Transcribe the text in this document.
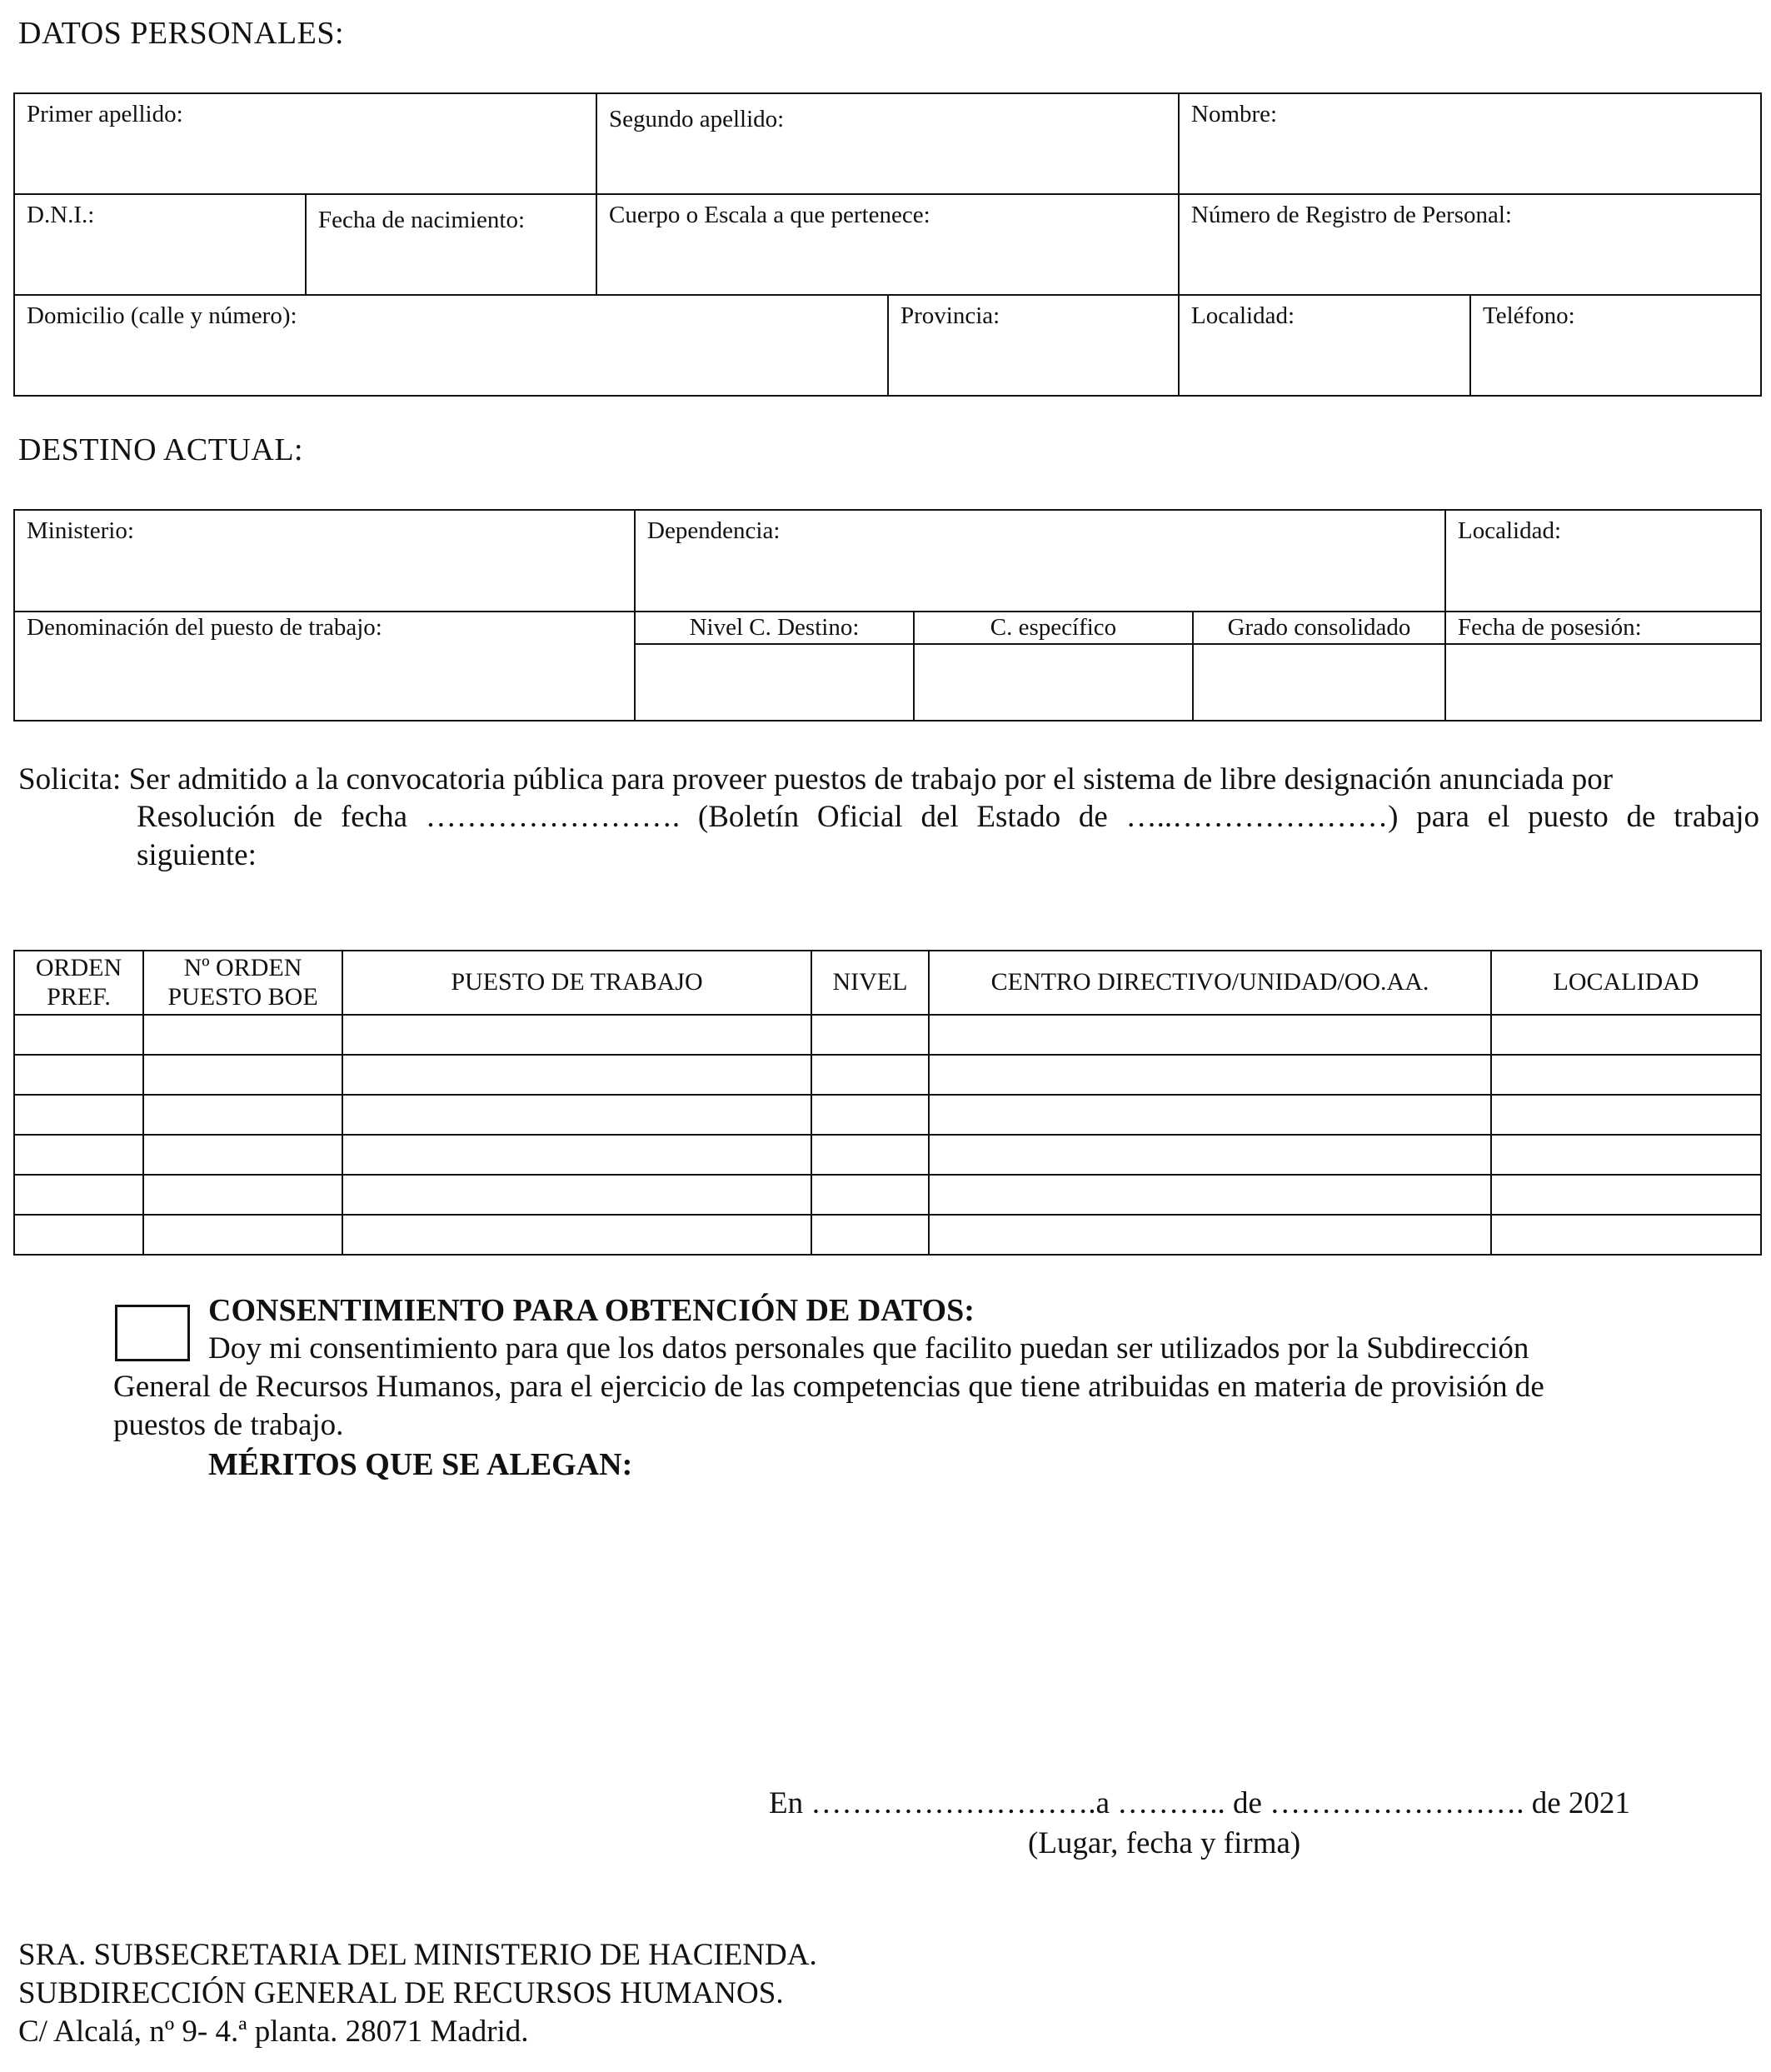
DATOS PERSONALES:
Primer apellido:		Segundo apellido:		Nombre:	

D.N.I.:	Fecha de nacimiento:	Cuerpo o Escala a que pertenece:		Número de Registro de Personal:	

Domicilio (calle y número):			Provincia:	Localidad:	Teléfono:
DESTINO ACTUAL:
Ministerio:	Dependencia:			Localidad:

Denominación del puesto de trabajo:	Nivel C. Destino:	C. específico	Grado consolidado	Fecha de posesión:

Solicita: Ser admitido a la convocatoria pública para proveer puestos de trabajo por el sistema de libre designación anunciada por
Resolución de fecha ……………………. (Boletín Oficial del Estado de …..…………………) para el puesto de trabajo
siguiente:
ORDEN PREF.	Nº ORDEN PUESTO BOE	PUESTO DE TRABAJO	NIVEL	CENTRO DIRECTIVO/UNIDAD/OO.AA.	LOCALIDAD

CONSENTIMIENTO PARA OBTENCIÓN DE DATOS:
Doy mi consentimiento para que los datos personales que facilito puedan ser utilizados por la Subdirección
General de Recursos Humanos, para el ejercicio de las competencias que tiene atribuidas en materia de provisión de
puestos de trabajo.
MÉRITOS QUE SE ALEGAN:
En ……………………….a ……….. de ……………………. de 2021
(Lugar, fecha y firma)
SRA. SUBSECRETARIA DEL MINISTERIO DE HACIENDA.
SUBDIRECCIÓN GENERAL DE RECURSOS HUMANOS.
C/ Alcalá, nº 9- 4.ª planta. 28071 Madrid.
